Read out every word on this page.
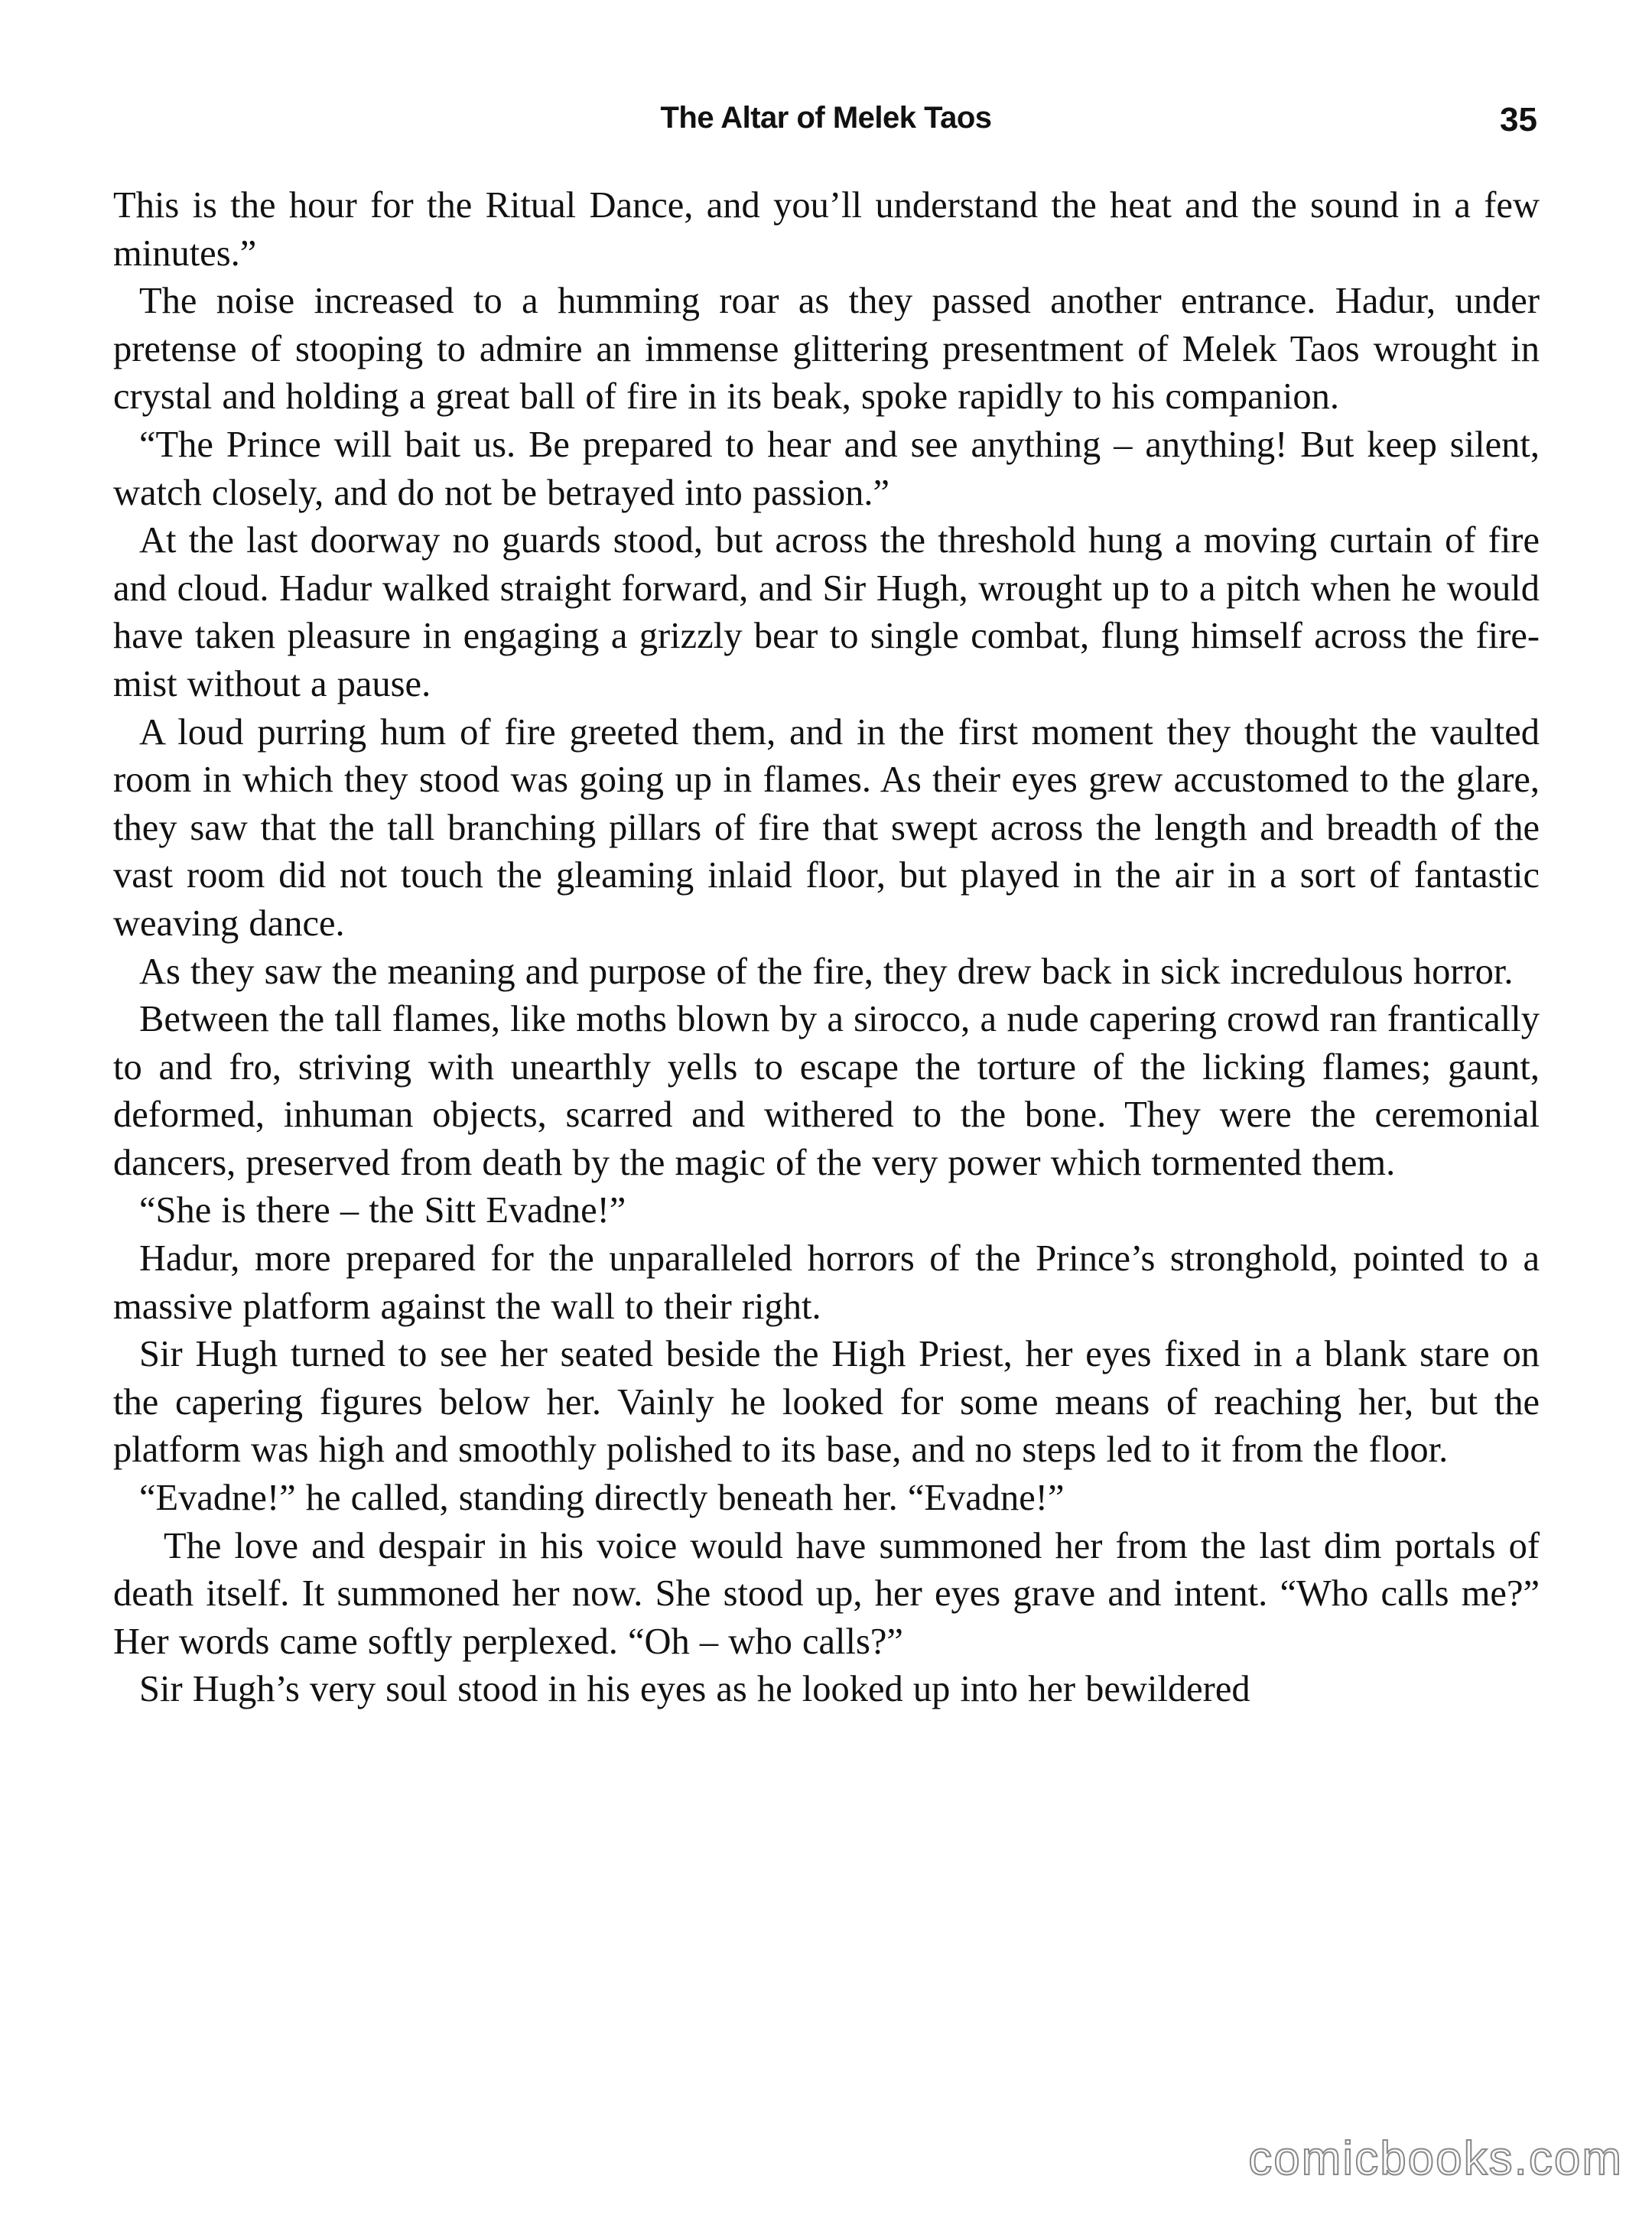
The Altar of Melek Taos	35

This is the hour for the Ritual Dance, and you’ll understand the heat and the sound in a few minutes.”

The noise increased to a humming roar as they passed another entrance. Hadur, under pretense of stooping to admire an immense glittering presentment of Melek Taos wrought in crystal and holding a great ball of fire in its beak, spoke rapidly to his companion.

“The Prince will bait us. Be prepared to hear and see anything – anything! But keep silent, watch closely, and do not be betrayed into passion.”

At the last doorway no guards stood, but across the threshold hung a moving curtain of fire and cloud. Hadur walked straight forward, and Sir Hugh, wrought up to a pitch when he would have taken pleasure in engaging a grizzly bear to single combat, flung himself across the fire-mist without a pause.

A loud purring hum of fire greeted them, and in the first moment they thought the vaulted room in which they stood was going up in flames. As their eyes grew accustomed to the glare, they saw that the tall branching pillars of fire that swept across the length and breadth of the vast room did not touch the gleaming inlaid floor, but played in the air in a sort of fantastic weaving dance.

As they saw the meaning and purpose of the fire, they drew back in sick incredulous horror.

Between the tall flames, like moths blown by a sirocco, a nude capering crowd ran frantically to and fro, striving with unearthly yells to escape the torture of the licking flames; gaunt, deformed, inhuman objects, scarred and withered to the bone. They were the ceremonial dancers, preserved from death by the magic of the very power which tormented them.

“She is there – the Sitt Evadne!”

Hadur, more prepared for the unparalleled horrors of the Prince’s stronghold, pointed to a massive platform against the wall to their right.

Sir Hugh turned to see her seated beside the High Priest, her eyes fixed in a blank stare on the capering figures below her. Vainly he looked for some means of reaching her, but the platform was high and smoothly polished to its base, and no steps led to it from the floor.

“Evadne!” he called, standing directly beneath her. “Evadne!”

The love and despair in his voice would have summoned her from the last dim portals of death itself. It summoned her now. She stood up, her eyes grave and intent. “Who calls me?” Her words came softly perplexed. “Oh – who calls?”

Sir Hugh’s very soul stood in his eyes as he looked up into her bewildered

comicbooks.com
